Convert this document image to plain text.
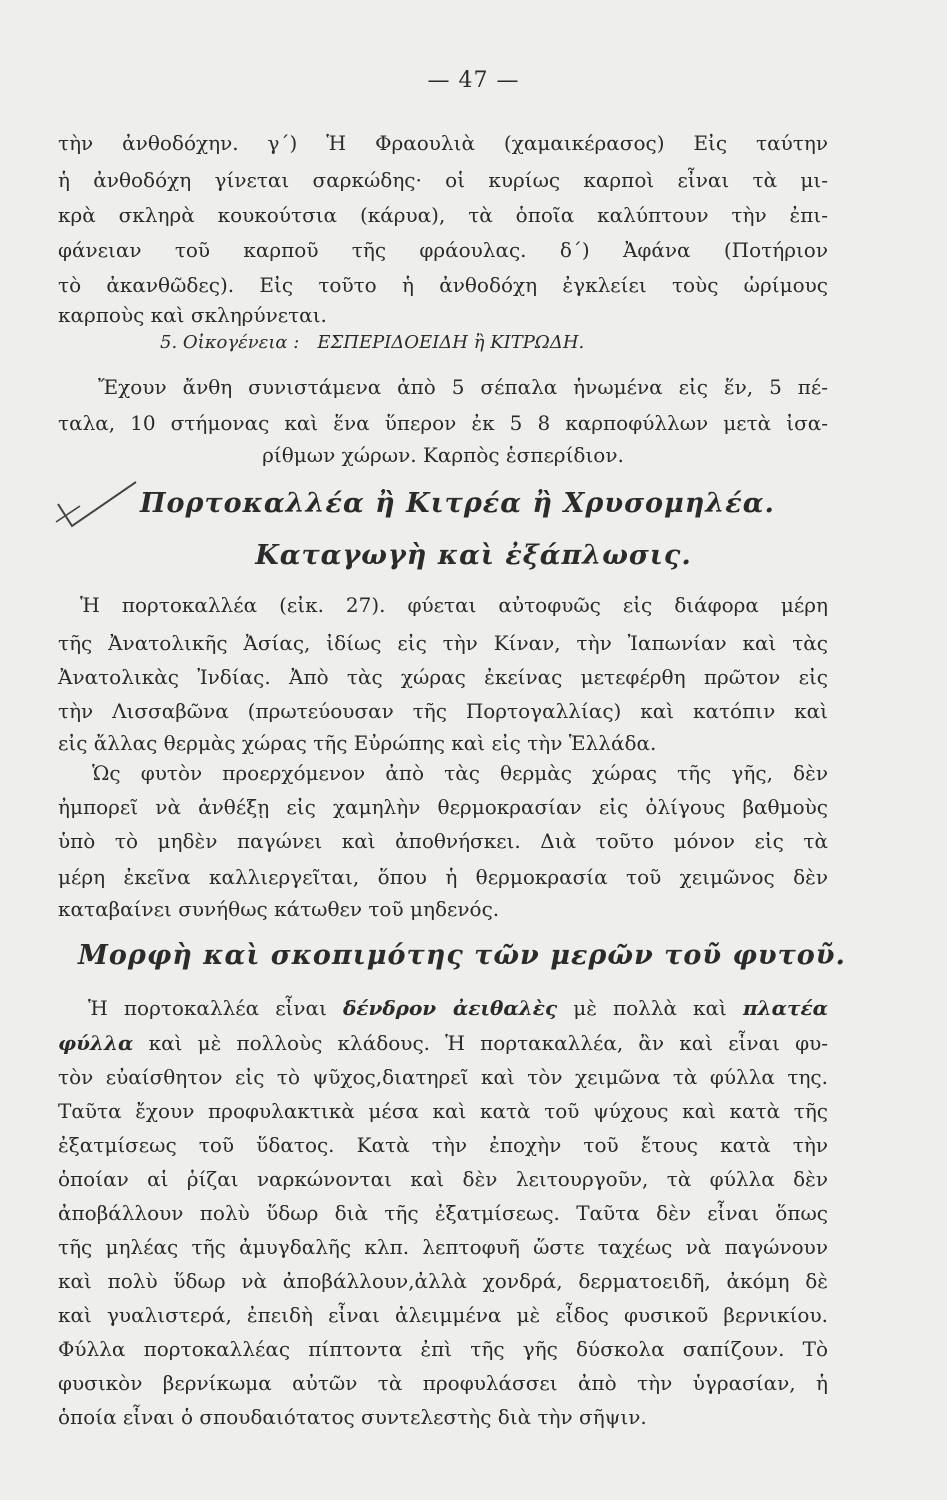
— 47 —
τὴν ἀνθοδόχην. γ΄) Ἡ Φραουλιὰ (χαμαικέρασος) Εἰς ταύτην
ἡ ἀνθοδόχη γίνεται σαρκώδης· οἱ κυρίως καρποὶ εἶναι τὰ μι-
κρὰ σκληρὰ κουκούτσια (κάρυα), τὰ ὁποῖα καλύπτουν τὴν ἐπι-
φάνειαν τοῦ καρποῦ τῆς φράουλας. δ΄) Ἀφάνα (Ποτήριον
τὸ ἀκανθῶδες). Εἰς τοῦτο ἡ ἀνθοδόχη ἐγκλείει τοὺς ὡρίμους
καρποὺς καὶ σκληρύνεται.
5. Οἰκογένεια : ΕΣΠΕΡΙΔΟΕΙΔΗ ἢ ΚΙΤΡΩΔΗ.
Ἔχουν ἄνθη συνιστάμενα ἀπὸ 5 σέπαλα ἡνωμένα εἰς ἕν, 5 πέ-
ταλα, 10 στήμονας καὶ ἕνα ὕπερον ἐκ 5 8 καρποφύλλων μετὰ ἰσα-
ρίθμων χώρων. Καρπὸς ἑσπερίδιον.
Πορτοκαλλέα ἢ Κιτρέα ἢ Χρυσομηλέα.
Καταγωγὴ καὶ ἐξάπλωσις.
Ἡ πορτοκαλλέα (εἰκ. 27). φύεται αὐτοφυῶς εἰς διάφορα μέρη
τῆς Ἀνατολικῆς Ἀσίας, ἰδίως εἰς τὴν Κίναν, τὴν Ἰαπωνίαν καὶ τὰς
Ἀνατολικὰς Ἰνδίας. Ἀπὸ τὰς χώρας ἐκείνας μετεφέρθη πρῶτον εἰς
τὴν Λισσαβῶνα (πρωτεύουσαν τῆς Πορτογαλλίας) καὶ κατόπιν καὶ
εἰς ἄλλας θερμὰς χώρας τῆς Εὐρώπης καὶ εἰς τὴν Ἑλλάδα.
Ὡς φυτὸν προερχόμενον ἀπὸ τὰς θερμὰς χώρας τῆς γῆς, δὲν
ἠμπορεῖ νὰ ἀνθέξῃ εἰς χαμηλὴν θερμοκρασίαν εἰς ὀλίγους βαθμοὺς
ὑπὸ τὸ μηδὲν παγώνει καὶ ἀποθνήσκει. Διὰ τοῦτο μόνον εἰς τὰ
μέρη ἐκεῖνα καλλιεργεῖται, ὅπου ἡ θερμοκρασία τοῦ χειμῶνος δὲν
καταβαίνει συνήθως κάτωθεν τοῦ μηδενός.
Μορφὴ καὶ σκοπιμότης τῶν μερῶν τοῦ φυτοῦ.
Ἡ πορτοκαλλέα εἶναι δένδρον ἀειθαλὲς μὲ πολλὰ καὶ πλατέα
φύλλα καὶ μὲ πολλοὺς κλάδους. Ἡ πορτακαλλέα, ἂν καὶ εἶναι φυ-
τὸν εὐαίσθητον εἰς τὸ ψῦχος,διατηρεῖ καὶ τὸν χειμῶνα τὰ φύλλα της.
Ταῦτα ἔχουν προφυλακτικὰ μέσα καὶ κατὰ τοῦ ψύχους καὶ κατὰ τῆς
ἐξατμίσεως τοῦ ὕδατος. Κατὰ τὴν ἐποχὴν τοῦ ἔτους κατὰ τὴν
ὁποίαν αἱ ῥίζαι ναρκώνονται καὶ δὲν λειτουργοῦν, τὰ φύλλα δὲν
ἀποβάλλουν πολὺ ὕδωρ διὰ τῆς ἐξατμίσεως. Ταῦτα δὲν εἶναι ὅπως
τῆς μηλέας τῆς ἀμυγδαλῆς κλπ. λεπτοφυῆ ὥστε ταχέως νὰ παγώνουν
καὶ πολὺ ὕδωρ νὰ ἀποβάλλουν,ἀλλὰ χονδρά, δερματοειδῆ, ἀκόμη δὲ
καὶ γυαλιστερά, ἐπειδὴ εἶναι ἀλειμμένα μὲ εἶδος φυσικοῦ βερνικίου.
Φύλλα πορτοκαλλέας πίπτοντα ἐπὶ τῆς γῆς δύσκολα σαπίζουν. Τὸ
φυσικὸν βερνίκωμα αὐτῶν τὰ προφυλάσσει ἀπὸ τὴν ὑγρασίαν, ἡ
ὁποία εἶναι ὁ σπουδαιότατος συντελεστὴς διὰ τὴν σῆψιν.
